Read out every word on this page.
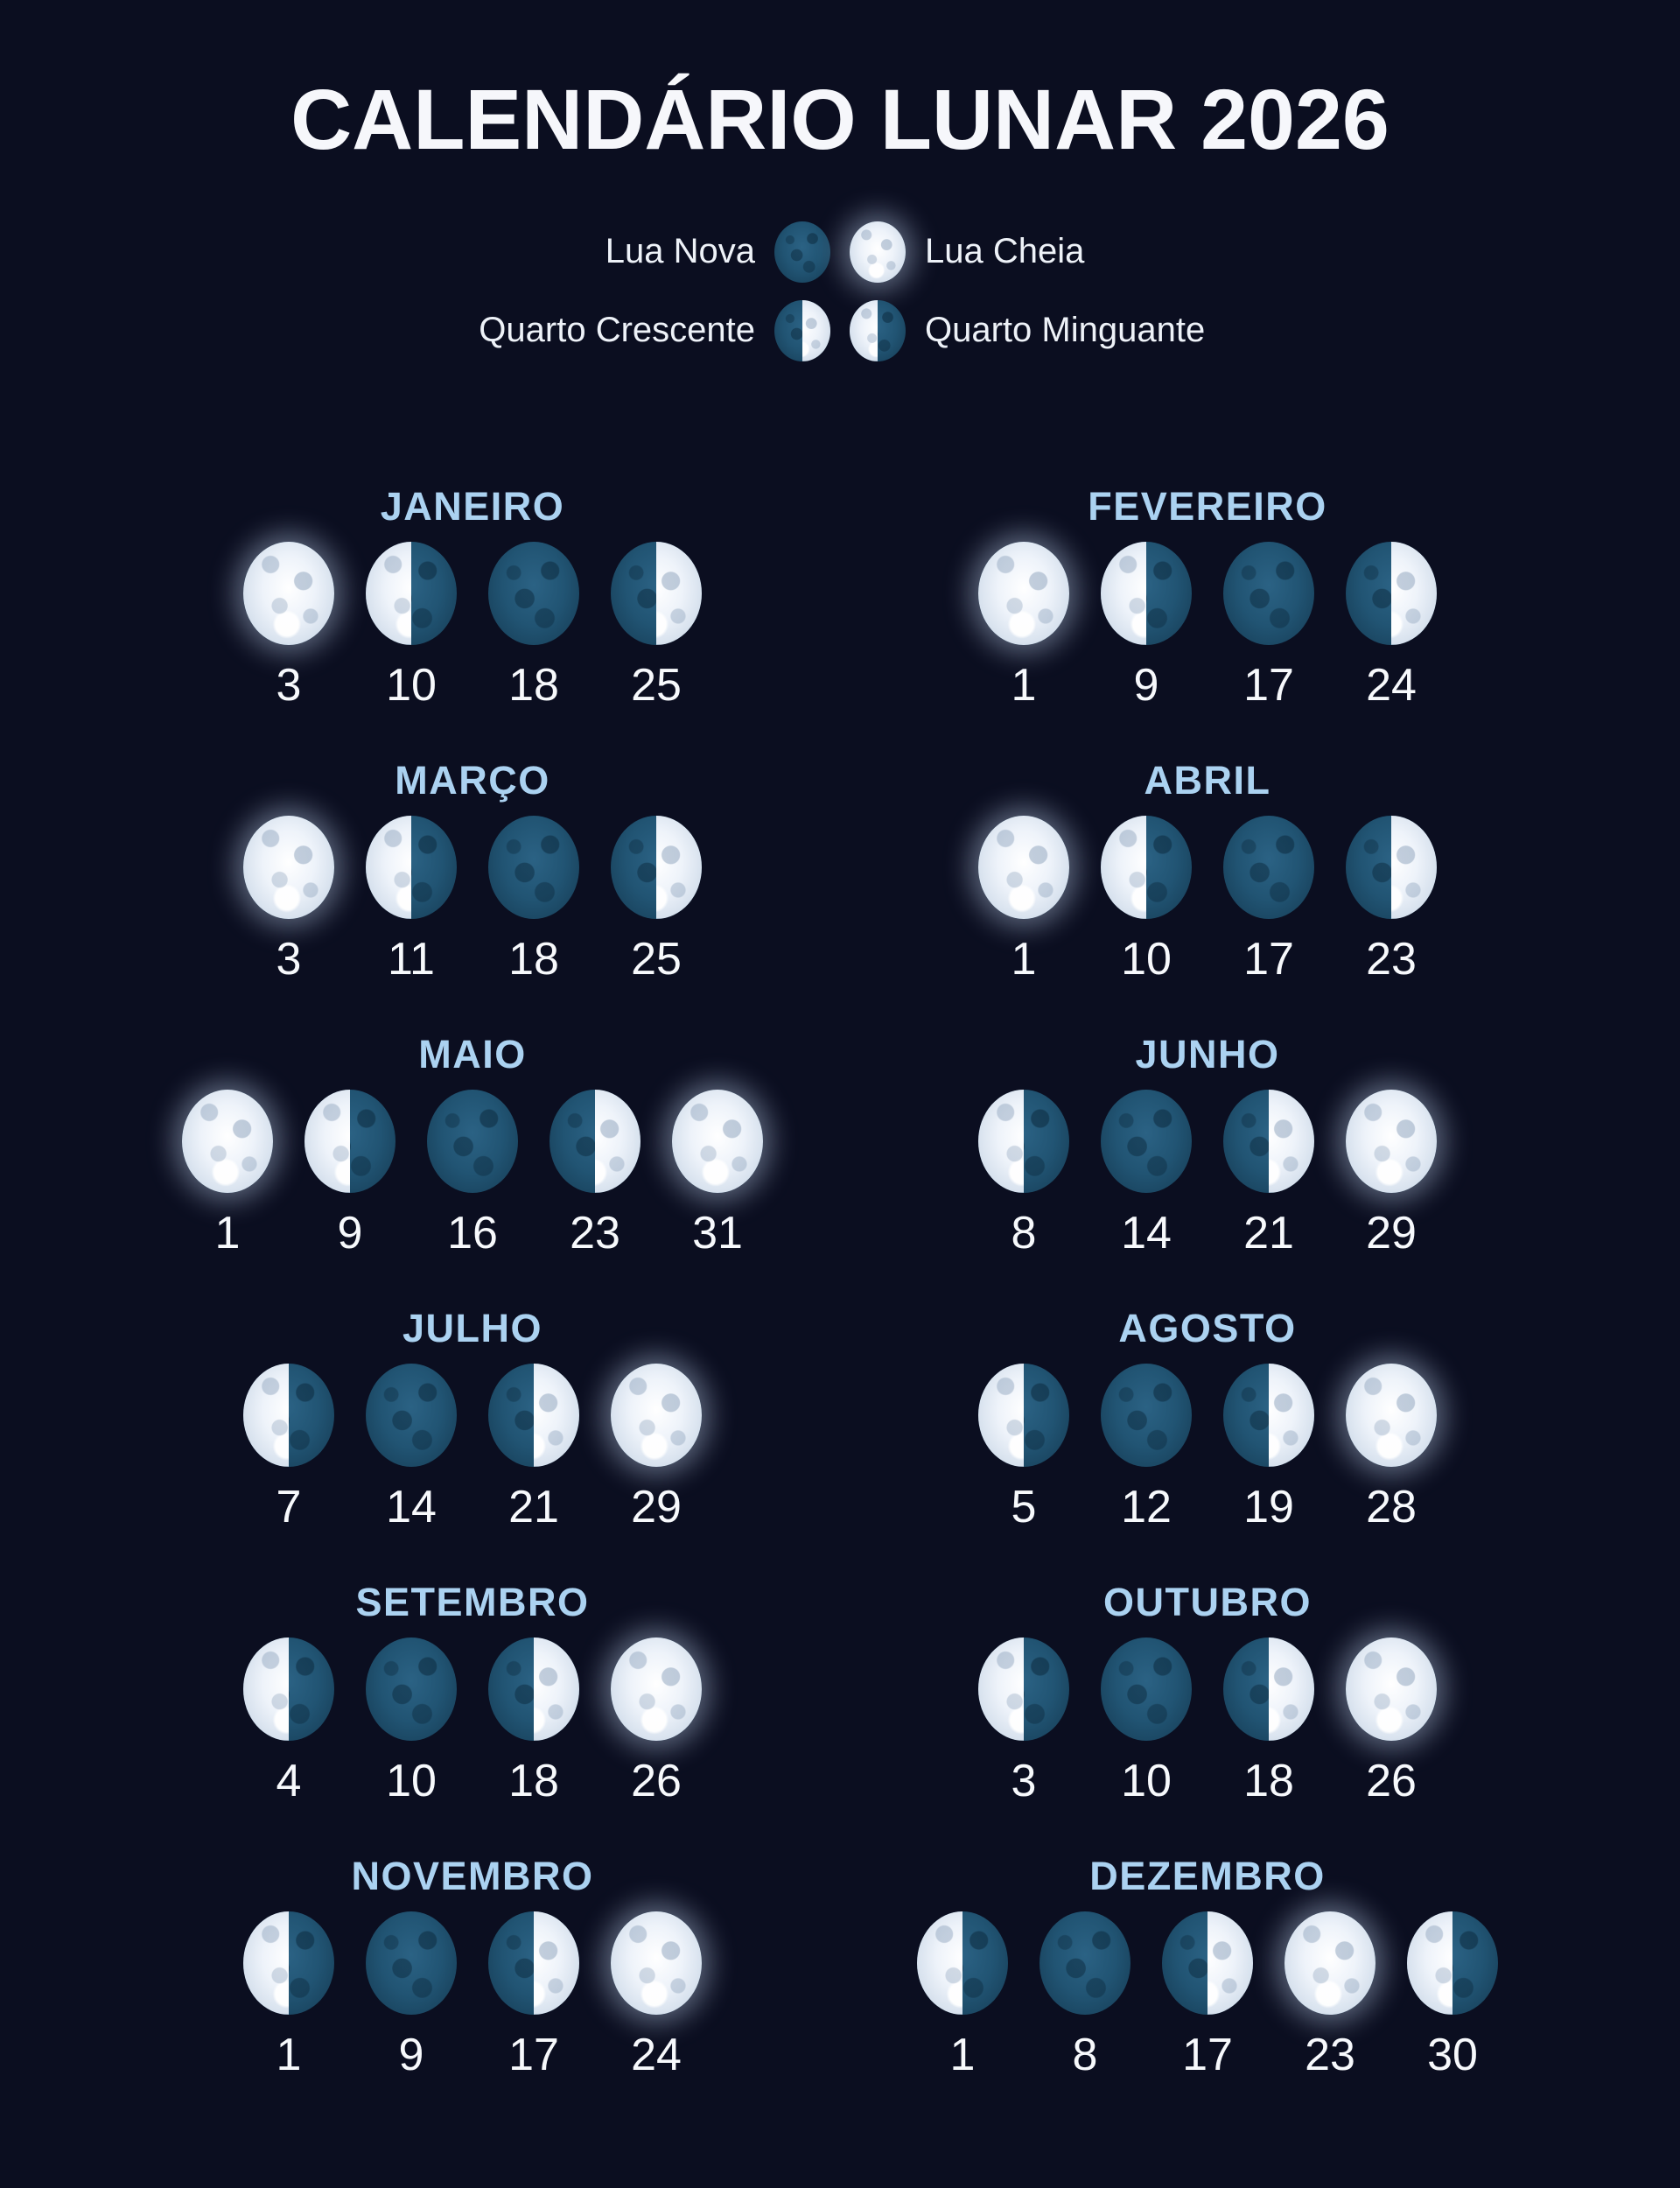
CALENDÁRIO LUNAR 2026
Lua Nova	Lua Cheia
Quarto Crescente	Quarto Minguante
JANEIRO
3 10 18 25
FEVEREIRO
1 9 17 24
MARÇO
3 11 18 25
ABRIL
1 10 17 23
MAIO
1 9 16 23 31
JUNHO
8 14 21 29
JULHO
7 14 21 29
AGOSTO
5 12 19 28
SETEMBRO
4 10 18 26
OUTUBRO
3 10 18 26
NOVEMBRO
1 9 17 24
DEZEMBRO
1 8 17 23 30
